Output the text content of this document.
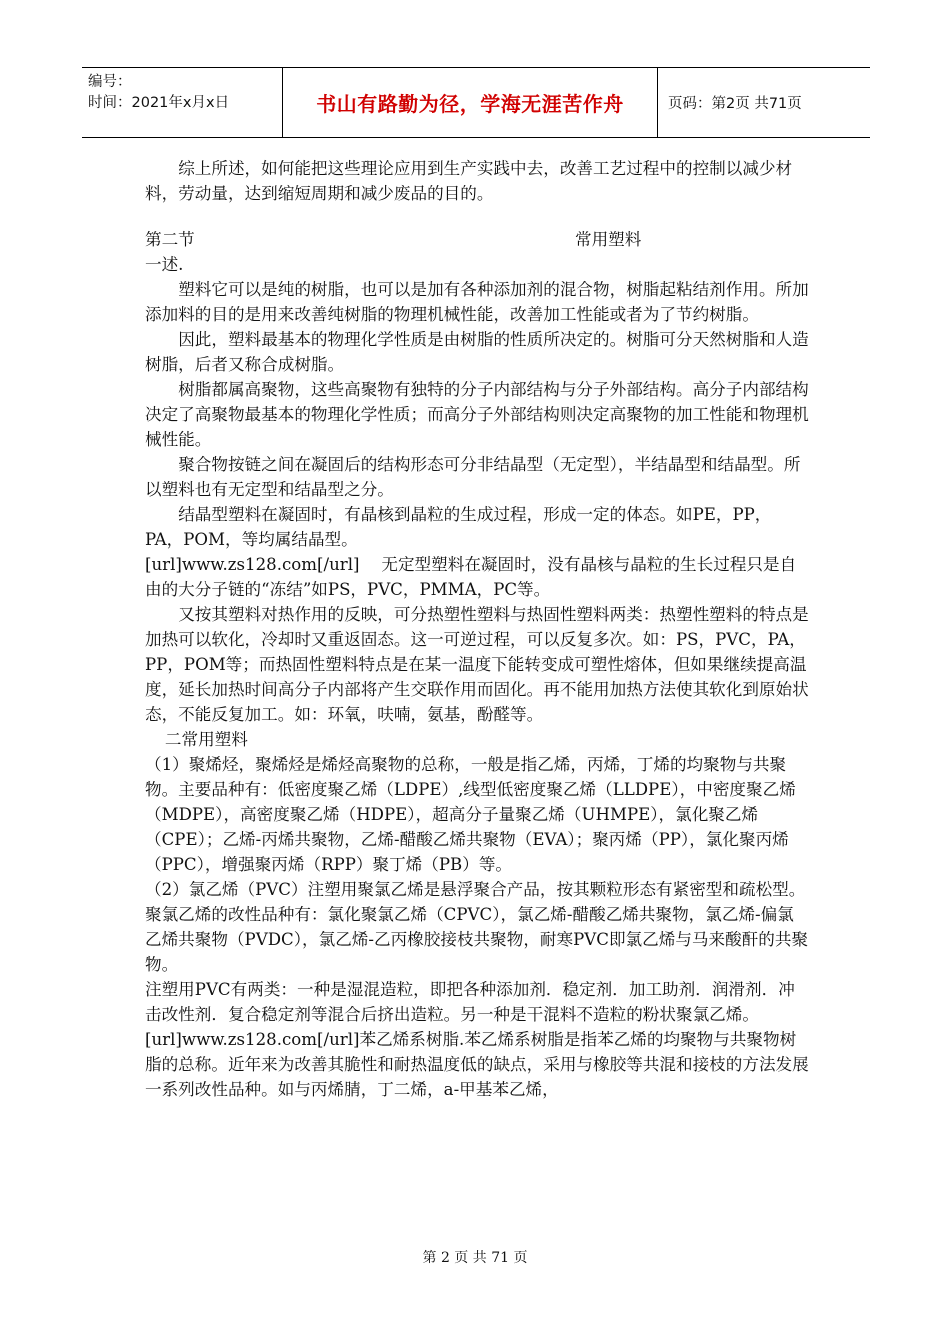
编号：
时间：2021年x月x日	书山有路勤为径，学海无涯苦作舟	页码：第2页 共71页

综上所述，如何能把这些理论应用到生产实践中去，改善工艺过程中的控制以减少材料，劳动量，达到缩短周期和减少废品的目的。

第二节	常用塑料

一述.

塑料它可以是纯的树脂，也可以是加有各种添加剂的混合物，树脂起粘结剂作用。所加添加料的目的是用来改善纯树脂的物理机械性能，改善加工性能或者为了节约树脂。

因此，塑料最基本的物理化学性质是由树脂的性质所决定的。树脂可分天然树脂和人造树脂，后者又称合成树脂。

树脂都属高聚物，这些高聚物有独特的分子内部结构与分子外部结构。高分子内部结构决定了高聚物最基本的物理化学性质；而高分子外部结构则决定高聚物的加工性能和物理机械性能。

聚合物按链之间在凝固后的结构形态可分非结晶型（无定型），半结晶型和结晶型。所以塑料也有无定型和结晶型之分。

结晶型塑料在凝固时，有晶核到晶粒的生成过程，形成一定的体态。如PE，PP，PA，POM，等均属结晶型。

[url]www.zs128.com[/url]　 无定型塑料在凝固时，没有晶核与晶粒的生长过程只是自由的大分子链的“冻结”如PS，PVC，PMMA，PC等。

又按其塑料对热作用的反映，可分热塑性塑料与热固性塑料两类：热塑性塑料的特点是加热可以软化，冷却时又重返固态。这一可逆过程，可以反复多次。如：PS，PVC，PA，PP，POM等；而热固性塑料特点是在某一温度下能转变成可塑性熔体，但如果继续提高温度，延长加热时间高分子内部将产生交联作用而固化。再不能用加热方法使其软化到原始状态，不能反复加工。如：环氧，呋喃，氨基，酚醛等。

二常用塑料

（1）聚烯烃，聚烯烃是烯烃高聚物的总称，一般是指乙烯，丙烯，丁烯的均聚物与共聚物。主要品种有：低密度聚乙烯（LDPE）,线型低密度聚乙烯（LLDPE），中密度聚乙烯（MDPE），高密度聚乙烯（HDPE），超高分子量聚乙烯（UHMPE），氯化聚乙烯（CPE）；乙烯-丙烯共聚物，乙烯-醋酸乙烯共聚物（EVA）；聚丙烯（PP），氯化聚丙烯（PPC），增强聚丙烯（RPP）聚丁烯（PB）等。

（2）氯乙烯（PVC）注塑用聚氯乙烯是悬浮聚合产品，按其颗粒形态有紧密型和疏松型。

聚氯乙烯的改性品种有：氯化聚氯乙烯（CPVC），氯乙烯-醋酸乙烯共聚物，氯乙烯-偏氯乙烯共聚物（PVDC），氯乙烯-乙丙橡胶接枝共聚物，耐寒PVC即氯乙烯与马来酸酐的共聚物。

注塑用PVC有两类：一种是湿混造粒，即把各种添加剂．稳定剂．加工助剂．润滑剂．冲击改性剂．复合稳定剂等混合后挤出造粒。另一种是干混料不造粒的粉状聚氯乙烯。

[url]www.zs128.com[/url]苯乙烯系树脂.苯乙烯系树脂是指苯乙烯的均聚物与共聚物树脂的总称。近年来为改善其脆性和耐热温度低的缺点，采用与橡胶等共混和接枝的方法发展一系列改性品种。如与丙烯腈，丁二烯，a-甲基苯乙烯，

第 2 页 共 71 页
